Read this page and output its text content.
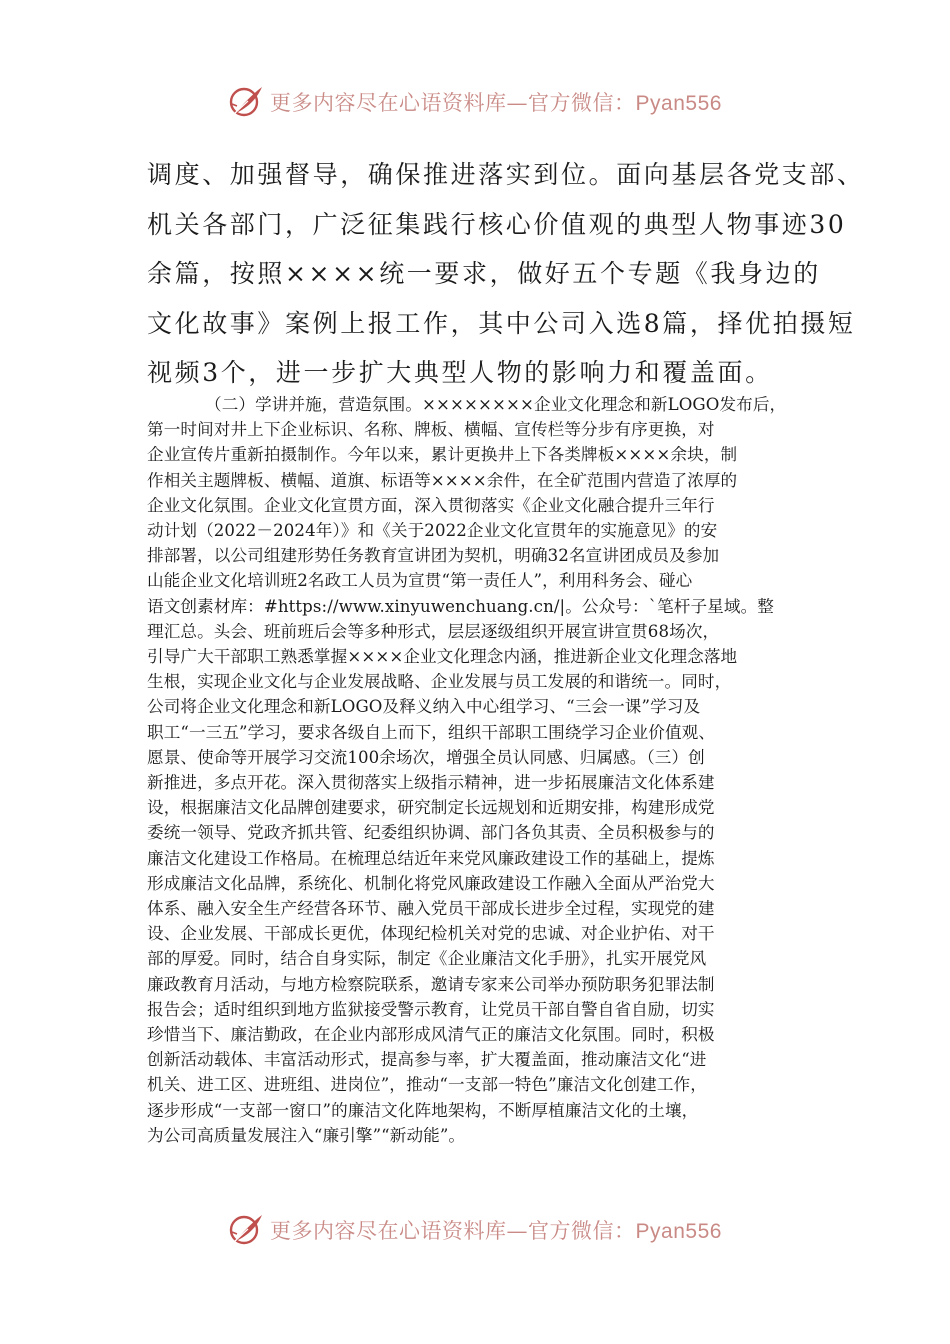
更多内容尽在心语资料库—官方微信：Pyan556

调度、加强督导，确保推进落实到位。面向基层各党支部、
机关各部门，广泛征集践行核心价值观的典型人物事迹30
余篇，按照××××统一要求，做好五个专题《我身边的
文化故事》案例上报工作，其中公司入选8篇，择优拍摄短
视频3个，进一步扩大典型人物的影响力和覆盖面。

（二）学讲并施，营造氛围。××××××××企业文化理念和新LOGO发布后，
第一时间对井上下企业标识、名称、牌板、横幅、宣传栏等分步有序更换，对
企业宣传片重新拍摄制作。今年以来，累计更换井上下各类牌板××××余块，制
作相关主题牌板、横幅、道旗、标语等××××余件，在全矿范围内营造了浓厚的
企业文化氛围。企业文化宣贯方面，深入贯彻落实《企业文化融合提升三年行
动计划（2022－2024年）》和《关于2022企业文化宣贯年的实施意见》的安
排部署，以公司组建形势任务教育宣讲团为契机，明确32名宣讲团成员及参加
山能企业文化培训班2名政工人员为宣贯“第一责任人”，利用科务会、碰心
语文创素材库：#https://www.xinyuwenchuang.cn/|。公众号：`笔杆子星域。整
理汇总。头会、班前班后会等多种形式，层层逐级组织开展宣讲宣贯68场次，
引导广大干部职工熟悉掌握××××企业文化理念内涵，推进新企业文化理念落地
生根，实现企业文化与企业发展战略、企业发展与员工发展的和谐统一。同时，
公司将企业文化理念和新LOGO及释义纳入中心组学习、“三会一课”学习及
职工“一三五”学习，要求各级自上而下，组织干部职工围绕学习企业价值观、
愿景、使命等开展学习交流100余场次，增强全员认同感、归属感。（三）创
新推进，多点开花。深入贯彻落实上级指示精神，进一步拓展廉洁文化体系建
设，根据廉洁文化品牌创建要求，研究制定长远规划和近期安排，构建形成党
委统一领导、党政齐抓共管、纪委组织协调、部门各负其责、全员积极参与的
廉洁文化建设工作格局。在梳理总结近年来党风廉政建设工作的基础上，提炼
形成廉洁文化品牌，系统化、机制化将党风廉政建设工作融入全面从严治党大
体系、融入安全生产经营各环节、融入党员干部成长进步全过程，实现党的建
设、企业发展、干部成长更优，体现纪检机关对党的忠诚、对企业护佑、对干
部的厚爱。同时，结合自身实际，制定《企业廉洁文化手册》，扎实开展党风
廉政教育月活动，与地方检察院联系，邀请专家来公司举办预防职务犯罪法制
报告会；适时组织到地方监狱接受警示教育，让党员干部自警自省自励，切实
珍惜当下、廉洁勤政，在企业内部形成风清气正的廉洁文化氛围。同时，积极
创新活动载体、丰富活动形式，提高参与率，扩大覆盖面，推动廉洁文化“进
机关、进工区、进班组、进岗位”，推动“一支部一特色”廉洁文化创建工作，
逐步形成“一支部一窗口”的廉洁文化阵地架构，不断厚植廉洁文化的土壤，
为公司高质量发展注入“廉引擎”“新动能”。

更多内容尽在心语资料库—官方微信：Pyan556
